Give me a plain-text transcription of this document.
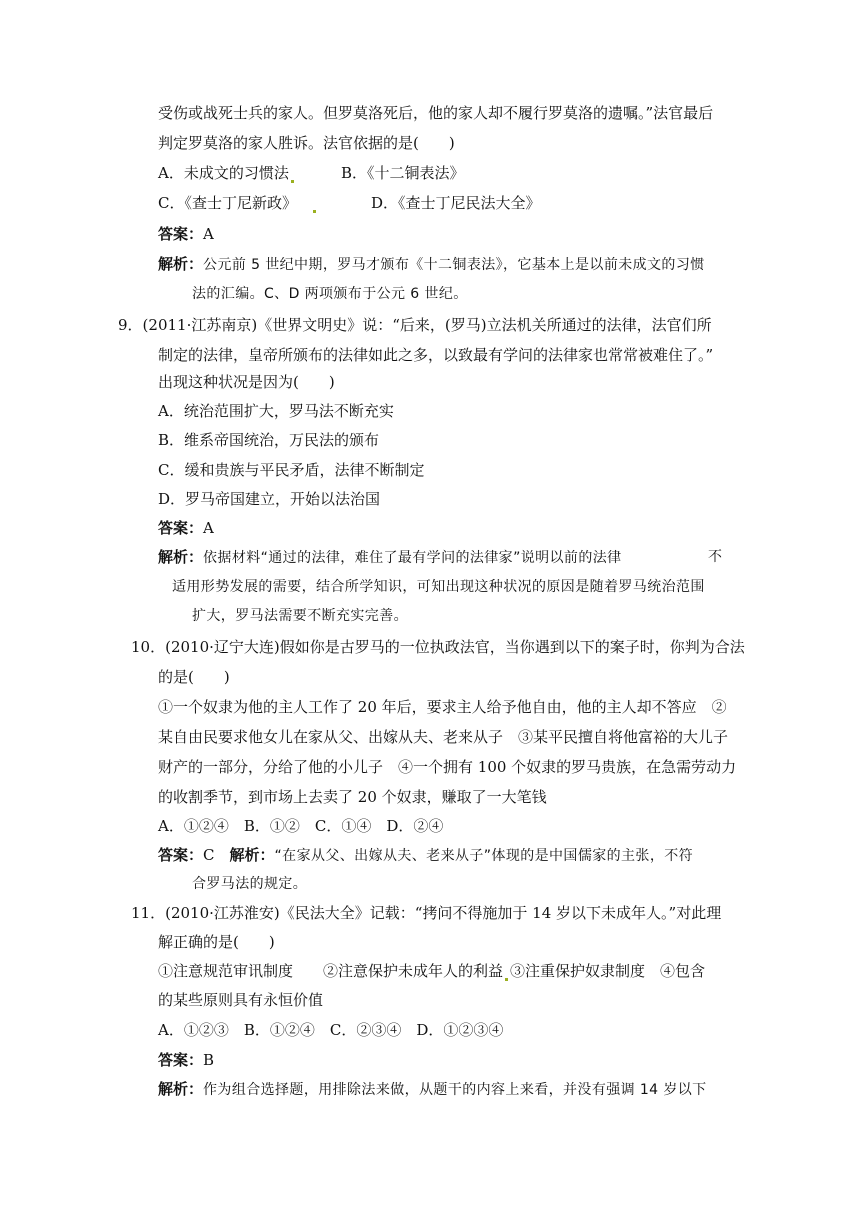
受伤或战死士兵的家人。但罗莫洛死后，他的家人却不履行罗莫洛的遗嘱。”法官最后
判定罗莫洛的家人胜诉。法官依据的是(　　)
A．未成文的习惯法	B．《十二铜表法》
C．《查士丁尼新政》	D．《查士丁尼民法大全》
答案：A
解析：公元前 5 世纪中期，罗马才颁布《十二铜表法》，它基本上是以前未成文的习惯
法的汇编。C、D 两项颁布于公元 6 世纪。
9．(2011·江苏南京)《世界文明史》说：“后来，(罗马)立法机关所通过的法律，法官们所
制定的法律，皇帝所颁布的法律如此之多，以致最有学问的法律家也常常被难住了。”
出现这种状况是因为(　　)
A．统治范围扩大，罗马法不断充实
B．维系帝国统治，万民法的颁布
C．缓和贵族与平民矛盾，法律不断制定
D．罗马帝国建立，开始以法治国
答案：A
解析：依据材料“通过的法律，难住了最有学问的法律家”说明以前的法律	不
适用形势发展的需要，结合所学知识，可知出现这种状况的原因是随着罗马统治范围
扩大，罗马法需要不断充实完善。
10．(2010·辽宁大连)假如你是古罗马的一位执政法官，当你遇到以下的案子时，你判为合法
的是(　　)
①一个奴隶为他的主人工作了 20 年后，要求主人给予他自由，他的主人却不答应　②
某自由民要求他女儿在家从父、出嫁从夫、老来从子　③某平民擅自将他富裕的大儿子
财产的一部分，分给了他的小儿子　④一个拥有 100 个奴隶的罗马贵族，在急需劳动力
的收割季节，到市场上去卖了 20 个奴隶，赚取了一大笔钱
A．①②④　B．①②　C．①④　D．②④
答案：C　解析：“在家从父、出嫁从夫、老来从子”体现的是中国儒家的主张，不符
合罗马法的规定。
11．(2010·江苏淮安)《民法大全》记载：“拷问不得施加于 14 岁以下未成年人。”对此理
解正确的是(　　)
①注意规范审讯制度　　②注意保护未成年人的利益 ③注重保护奴隶制度　④包含
的某些原则具有永恒价值
A．①②③　B．①②④　C．②③④　D．①②③④
答案：B
解析：作为组合选择题，用排除法来做，从题干的内容上来看，并没有强调 14 岁以下
